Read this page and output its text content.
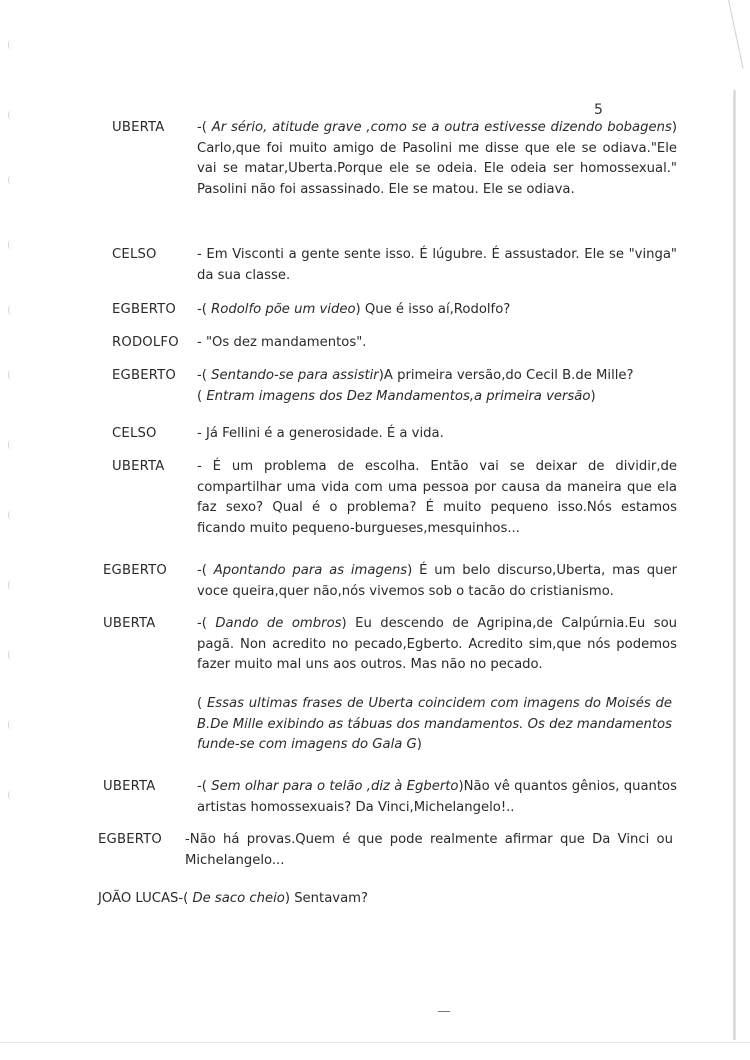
5
UBERTA -( Ar sério, atitude grave ,como se a outra estivesse dizendo bobagens) Carlo,que foi muito amigo de Pasolini me disse que ele se odiava."Ele vai se matar,Uberta.Porque ele se odeia. Ele odeia ser homossexual." Pasolini não foi assassinado. Ele se matou. Ele se odiava.
CELSO	- Em Visconti a gente sente isso. É lúgubre. É assustador. Ele se "vinga" da sua classe.
EGBERTO -( Rodolfo põe um video) Que é isso aí,Rodolfo?
RODOLFO - "Os dez mandamentos".
EGBERTO -( Sentando-se para assistir)A primeira versão,do Cecil B.de Mille?
( Entram imagens dos Dez Mandamentos,a primeira versão)
CELSO	- Já Fellini é a generosidade. É a vida.
UBERTA - É um problema de escolha. Então vai se deixar de dividir,de compartilhar uma vida com uma pessoa por causa da maneira que ela faz sexo? Qual é o problema? É muito pequeno isso.Nós estamos ficando muito pequeno-burgueses,mesquinhos...
EGBERTO -( Apontando para as imagens) É um belo discurso,Uberta, mas quer voce queira,quer não,nós vivemos sob o tacão do cristianismo.
UBERTA	-( Dando de ombros) Eu descendo de Agripina,de Calpúrnia.Eu sou pagã. Non acredito no pecado,Egberto. Acredito sim,que nós podemos fazer muito mal uns aos outros. Mas não no pecado.
( Essas ultimas frases de Uberta coincidem com imagens do Moisés de B.De Mille exibindo as tábuas dos mandamentos. Os dez mandamentos funde-se com imagens do Gala G)
UBERTA	-( Sem olhar para o telão ,diz à Egberto)Não vê quantos gênios, quantos artistas homossexuais? Da Vinci,Michelangelo!..
EGBERTO -Não há provas.Quem é que pode realmente afirmar que Da Vinci ou Michelangelo...
JOÃO LUCAS-( De saco cheio) Sentavam?
